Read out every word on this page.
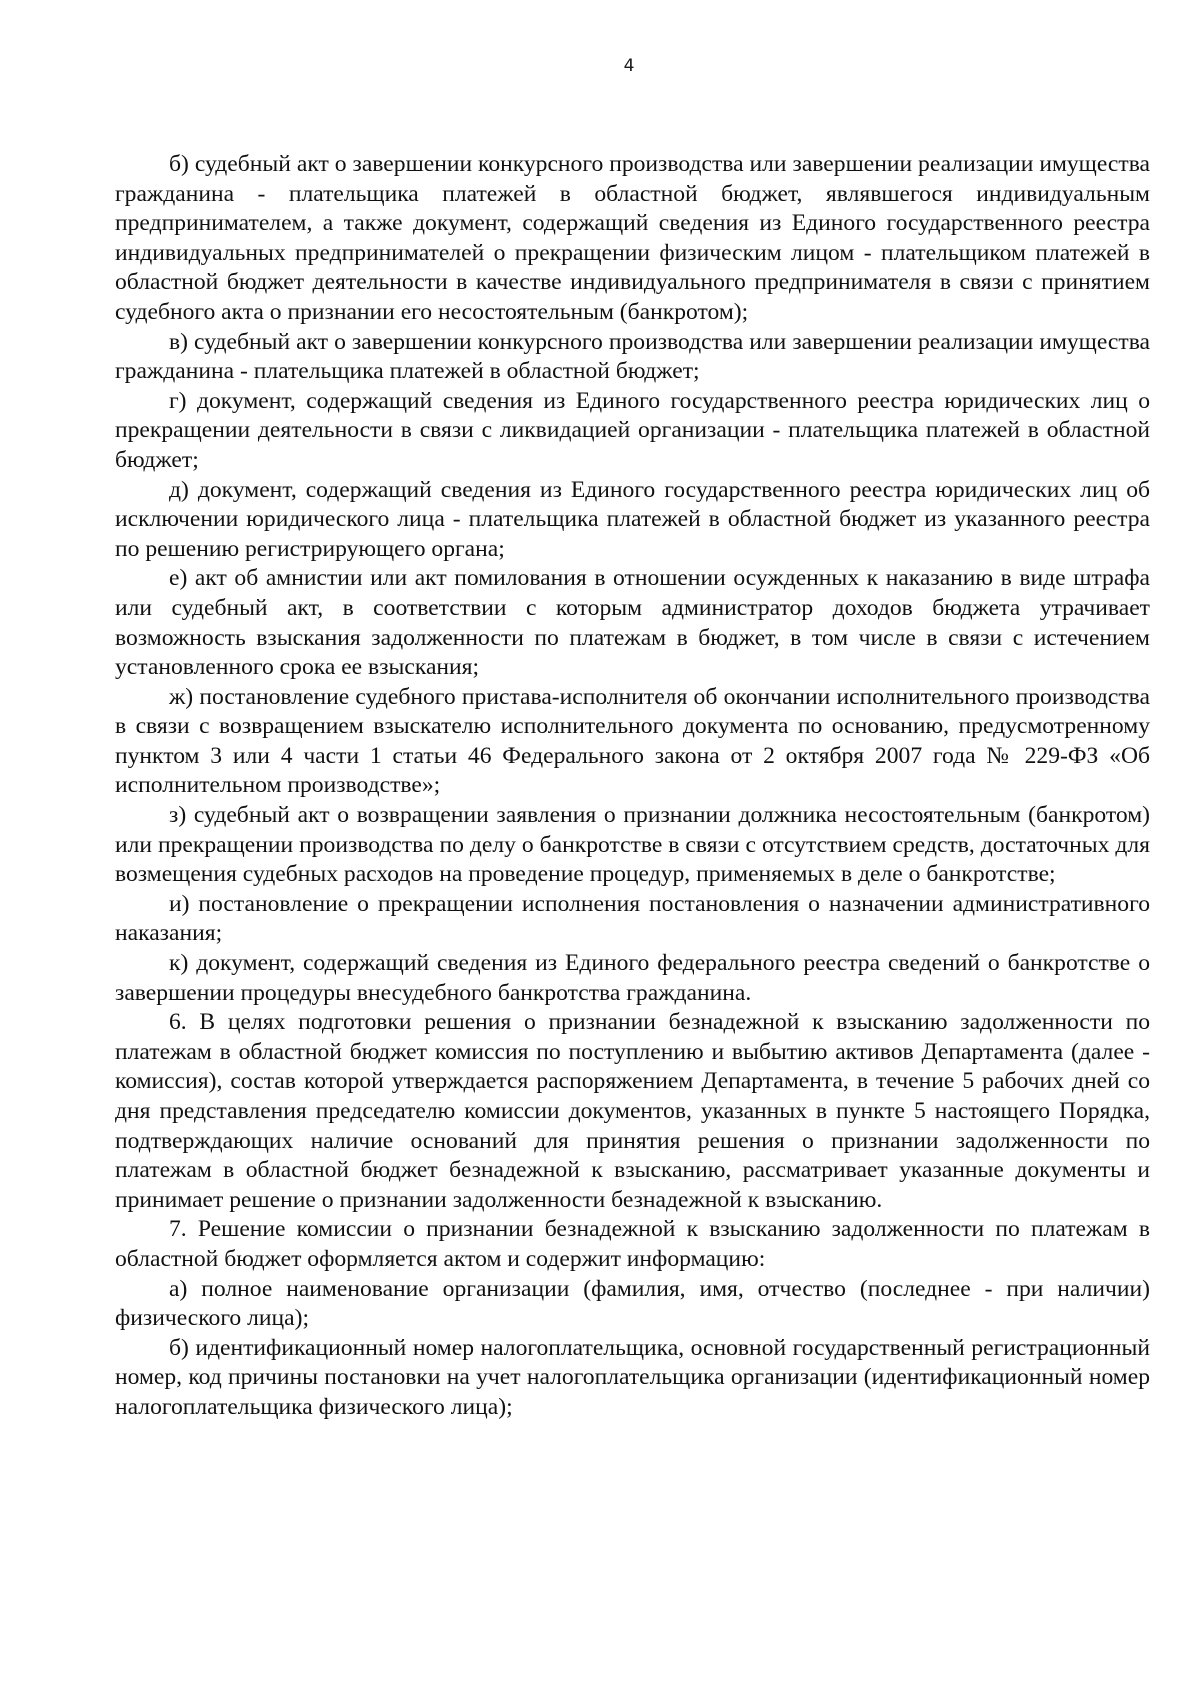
4

б) судебный акт о завершении конкурсного производства или завершении реализации имущества гражданина - плательщика платежей в областной бюджет, являвшегося индивидуальным предпринимателем, а также документ, содержащий сведения из Единого государственного реестра индивидуальных предпринимателей о прекращении физическим лицом - плательщиком платежей в областной бюджет деятельности в качестве индивидуального предпринимателя в связи с принятием судебного акта о признании его несостоятельным (банкротом);

в) судебный акт о завершении конкурсного производства или завершении реализации имущества гражданина - плательщика платежей в областной бюджет;

г) документ, содержащий сведения из Единого государственного реестра юридических лиц о прекращении деятельности в связи с ликвидацией организации - плательщика платежей в областной бюджет;

д) документ, содержащий сведения из Единого государственного реестра юридических лиц об исключении юридического лица - плательщика платежей в областной бюджет из указанного реестра по решению регистрирующего органа;

е) акт об амнистии или акт помилования в отношении осужденных к наказанию в виде штрафа или судебный акт, в соответствии с которым администратор доходов бюджета утрачивает возможность взыскания задолженности по платежам в бюджет, в том числе в связи с истечением установленного срока ее взыскания;

ж) постановление судебного пристава-исполнителя об окончании исполнительного производства в связи с возвращением взыскателю исполнительного документа по основанию, предусмотренному пунктом 3 или 4 части 1 статьи 46 Федерального закона от 2 октября 2007 года № 229-ФЗ «Об исполнительном производстве»;

з) судебный акт о возвращении заявления о признании должника несостоятельным (банкротом) или прекращении производства по делу о банкротстве в связи с отсутствием средств, достаточных для возмещения судебных расходов на проведение процедур, применяемых в деле о банкротстве;

и) постановление о прекращении исполнения постановления о назначении административного наказания;

к) документ, содержащий сведения из Единого федерального реестра сведений о банкротстве о завершении процедуры внесудебного банкротства гражданина.

6. В целях подготовки решения о признании безнадежной к взысканию задолженности по платежам в областной бюджет комиссия по поступлению и выбытию активов Департамента (далее - комиссия), состав которой утверждается распоряжением Департамента, в течение 5 рабочих дней со дня представления председателю комиссии документов, указанных в пункте 5 настоящего Порядка, подтверждающих наличие оснований для принятия решения о признании задолженности по платежам в областной бюджет безнадежной к взысканию, рассматривает указанные документы и принимает решение о признании задолженности безнадежной к взысканию.

7. Решение комиссии о признании безнадежной к взысканию задолженности по платежам в областной бюджет оформляется актом и содержит информацию:

а) полное наименование организации (фамилия, имя, отчество (последнее - при наличии) физического лица);

б) идентификационный номер налогоплательщика, основной государственный регистрационный номер, код причины постановки на учет налогоплательщика организации (идентификационный номер налогоплательщика физического лица);
